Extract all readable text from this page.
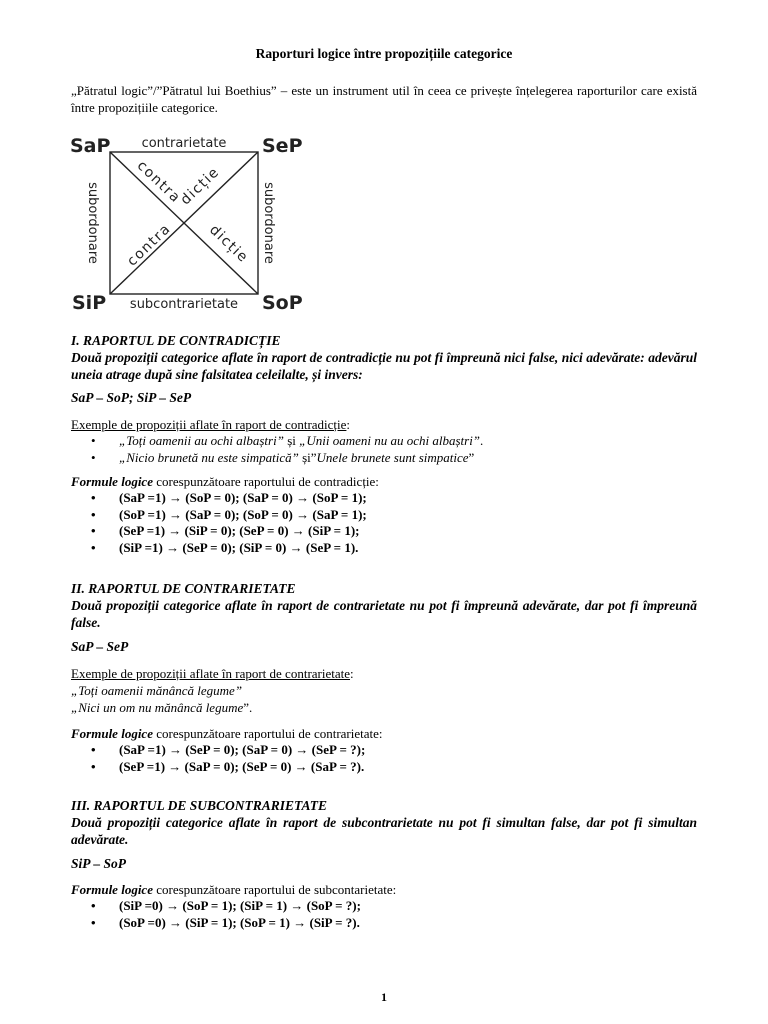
Raporturi logice între propozițiile categorice

„Pătratul logic”/”Pătratul lui Boethius” – este un instrument util în ceea ce privește înțelegerea raporturilor care există între propozițiile categorice.

SaP	SeP
SiP	SoP
contrarietate
subcontrarietate
subordonare	subordonare
contra
dicție
contra
dicție

I. RAPORTUL DE CONTRADICȚIE

Două propoziții categorice aflate în raport de contradicție nu pot fi împreună nici false, nici adevărate: adevărul uneia atrage după sine falsitatea celeilalte, și invers:

SaP – SoP; SiP – SeP

Exemple de propoziții aflate în raport de contradicție:

• „Toți oamenii au ochi albaștri” și „Unii oameni nu au ochi albaștri”.
• „Nicio brunetă nu este simpatică” și”Unele brunete sunt simpatice”

Formule logice corespunzătoare raportului de contradicție:

• (SaP =1) → (SoP = 0); (SaP = 0) → (SoP = 1);
• (SoP =1) → (SaP = 0); (SoP = 0) → (SaP = 1);
• (SeP =1) → (SiP = 0); (SeP = 0) → (SiP = 1);
• (SiP =1) → (SeP = 0); (SiP = 0) → (SeP = 1).

II. RAPORTUL DE CONTRARIETATE

Două propoziții categorice aflate în raport de contrarietate nu pot fi împreună adevărate, dar pot fi împreună false.

SaP – SeP

Exemple de propoziții aflate în raport de contrarietate:

„Toți oamenii mănâncă legume”

„Nici un om nu mănâncă legume”.

Formule logice corespunzătoare raportului de contrarietate:

• (SaP =1) → (SeP = 0); (SaP = 0) → (SeP = ?);
• (SeP =1) → (SaP = 0); (SeP = 0) → (SaP = ?).

III. RAPORTUL DE SUBCONTRARIETATE

Două propoziții categorice aflate în raport de subcontrarietate nu pot fi simultan false, dar pot fi simultan adevărate.

SiP – SoP

Formule logice corespunzătoare raportului de subcontarietate:

• (SiP =0) → (SoP = 1); (SiP = 1) → (SoP = ?);
• (SoP =0) → (SiP = 1); (SoP = 1) → (SiP = ?).
1
